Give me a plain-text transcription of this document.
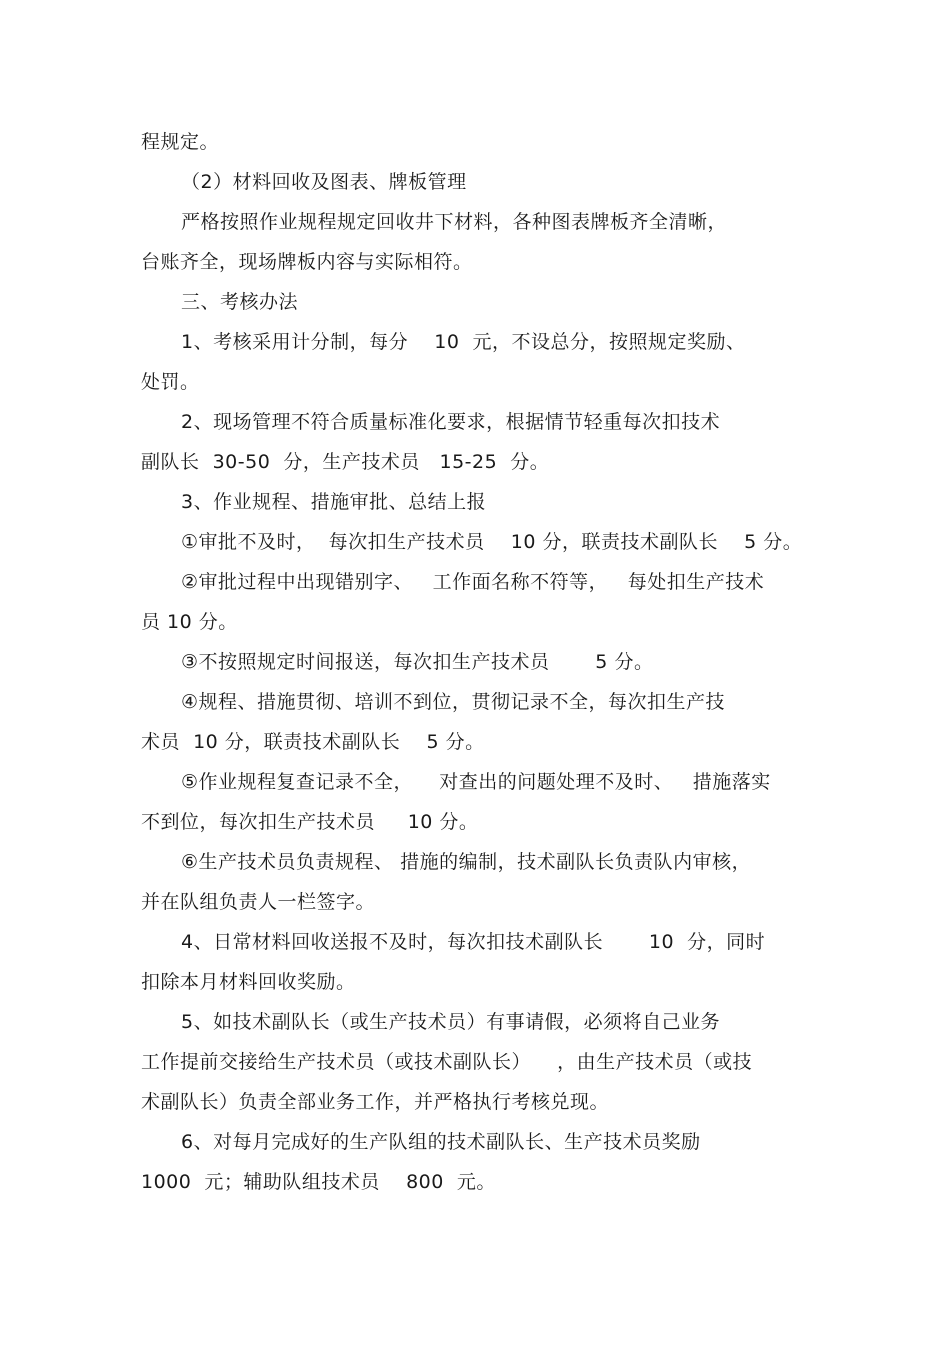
程规定。
（2）材料回收及图表、牌板管理
严格按照作业规程规定回收井下材料，各种图表牌板齐全清晰，
台账齐全，现场牌板内容与实际相符。
三、考核办法
1、考核采用计分制，每分    10  元，不设总分，按照规定奖励、
处罚。
2、现场管理不符合质量标准化要求，根据情节轻重每次扣技术
副队长  30-50  分，生产技术员   15-25  分。
3、作业规程、措施审批、总结上报
①审批不及时，  每次扣生产技术员    10 分，联责技术副队长    5 分。
②审批过程中出现错别字、   工作面名称不符等，   每处扣生产技术
员 10 分。
③不按照规定时间报送，每次扣生产技术员       5 分。
④规程、措施贯彻、培训不到位，贯彻记录不全，每次扣生产技
术员  10 分，联责技术副队长    5 分。
⑤作业规程复查记录不全，    对查出的问题处理不及时、   措施落实
不到位，每次扣生产技术员     10 分。
⑥生产技术员负责规程、 措施的编制，技术副队长负责队内审核，
并在队组负责人一栏签字。
4、日常材料回收送报不及时，每次扣技术副队长       10  分，同时
扣除本月材料回收奖励。
5、如技术副队长（或生产技术员）有事请假，必须将自己业务
工作提前交接给生产技术员（或技术副队长）    ，由生产技术员（或技
术副队长）负责全部业务工作，并严格执行考核兑现。
6、对每月完成好的生产队组的技术副队长、生产技术员奖励
1000  元；辅助队组技术员    800  元。
